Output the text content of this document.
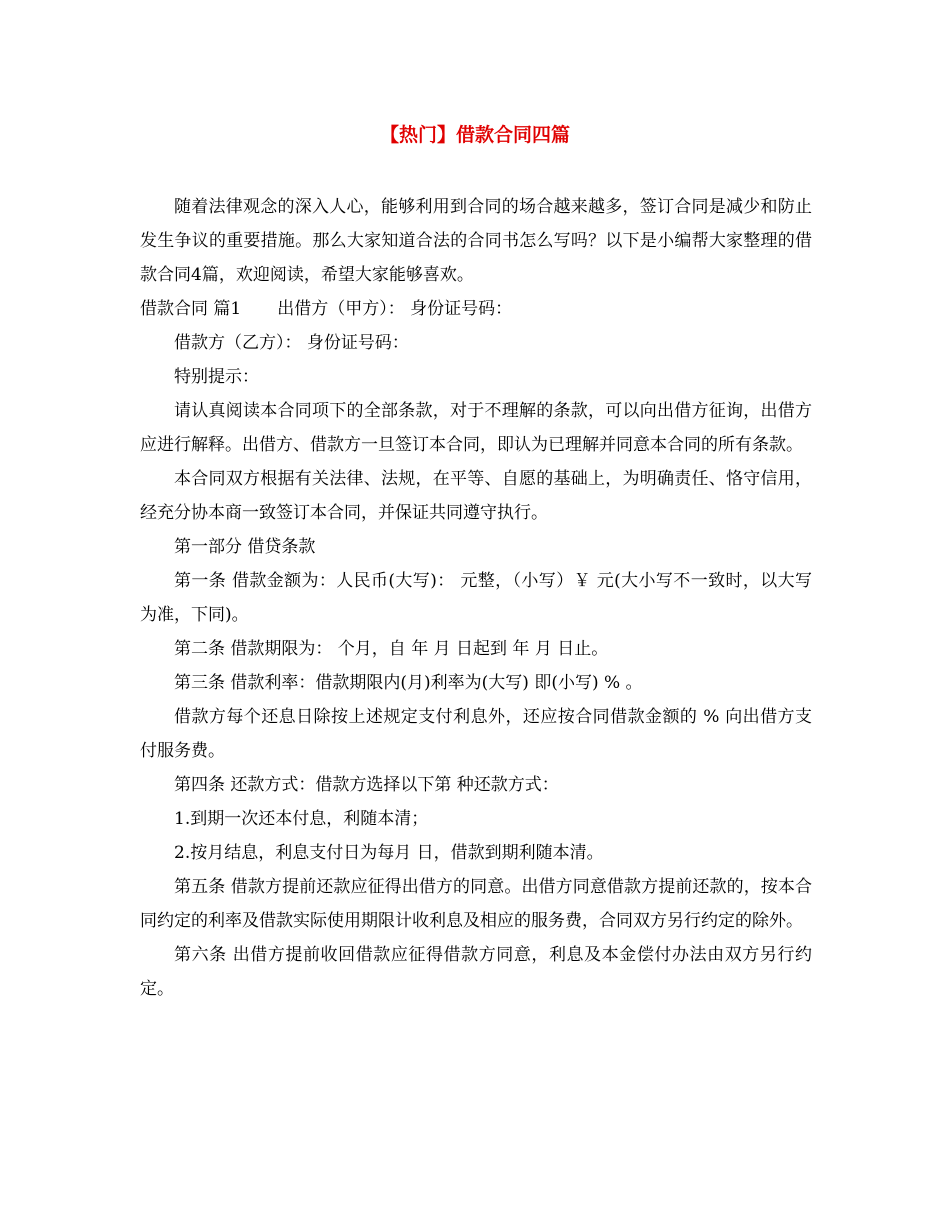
【热门】借款合同四篇

随着法律观念的深入人心，能够利用到合同的场合越来越多，签订合同是减少和防止发生争议的重要措施。那么大家知道合法的合同书怎么写吗？以下是小编帮大家整理的借款合同4篇，欢迎阅读，希望大家能够喜欢。

借款合同 篇1 出借方（甲方）： 身份证号码：

借款方（乙方）： 身份证号码：

特别提示：

请认真阅读本合同项下的全部条款，对于不理解的条款，可以向出借方征询，出借方应进行解释。出借方、借款方一旦签订本合同，即认为已理解并同意本合同的所有条款。

本合同双方根据有关法律、法规，在平等、自愿的基础上，为明确责任、恪守信用，经充分协本商一致签订本合同，并保证共同遵守执行。

第一部分 借贷条款

第一条 借款金额为：人民币(大写)： 元整，（小写）￥ 元(大小写不一致时，以大写为准，下同)。

第二条 借款期限为： 个月，自 年 月 日起到 年 月 日止。

第三条 借款利率：借款期限内(月)利率为(大写) 即(小写) % 。

借款方每个还息日除按上述规定支付利息外，还应按合同借款金额的 % 向出借方支付服务费。

第四条 还款方式：借款方选择以下第 种还款方式：

1.到期一次还本付息，利随本清；

2.按月结息，利息支付日为每月 日，借款到期利随本清。

第五条 借款方提前还款应征得出借方的同意。出借方同意借款方提前还款的，按本合同约定的利率及借款实际使用期限计收利息及相应的服务费，合同双方另行约定的除外。

第六条 出借方提前收回借款应征得借款方同意，利息及本金偿付办法由双方另行约定。
